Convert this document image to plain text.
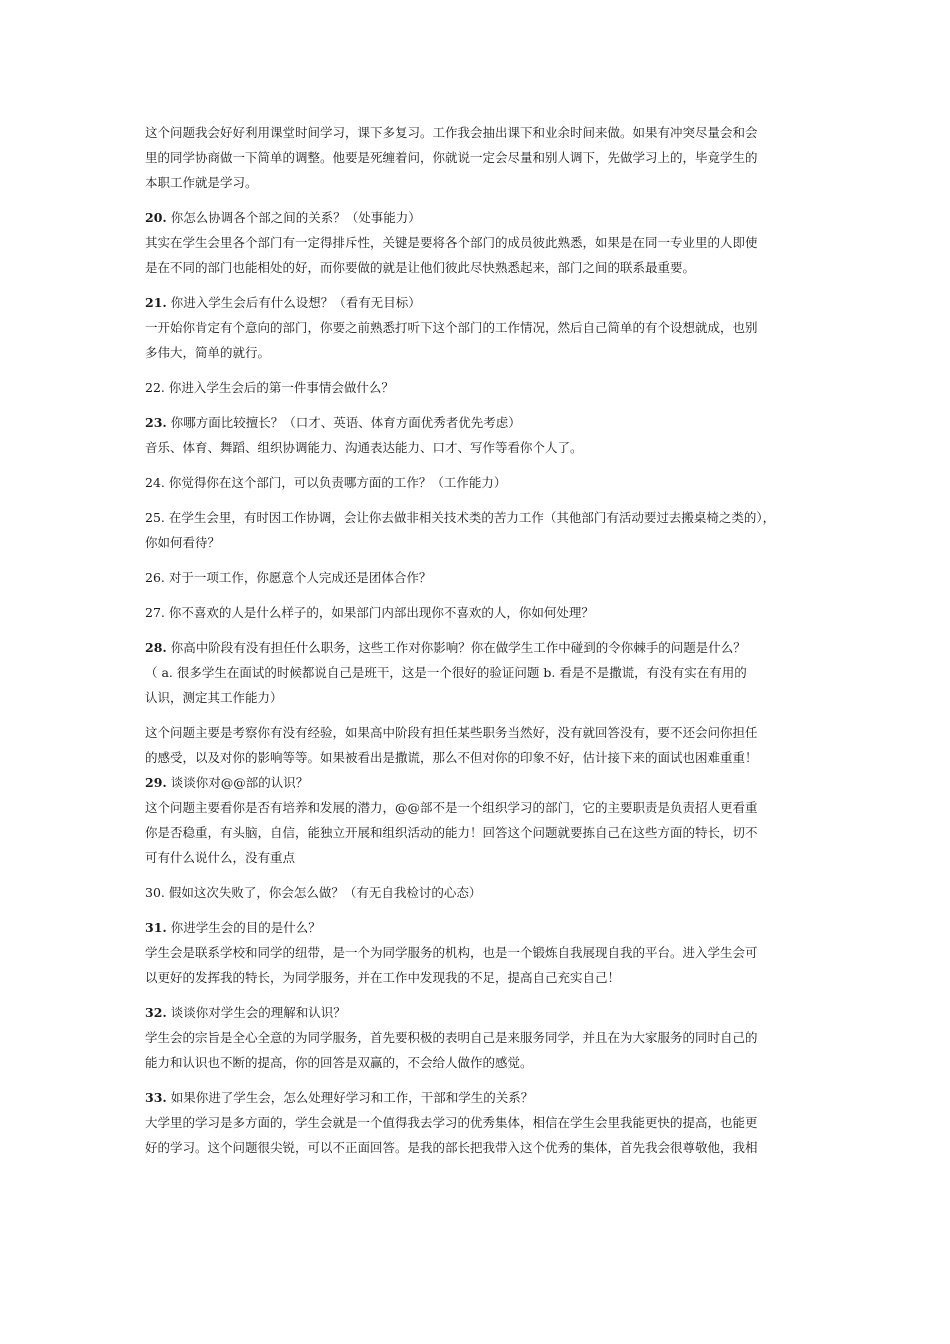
这个问题我会好好利用课堂时间学习，课下多复习。工作我会抽出课下和业余时间来做。如果有冲突尽量会和会
里的同学协商做一下简单的调整。他要是死缠着问，你就说一定会尽量和别人调下，先做学习上的，毕竟学生的
本职工作就是学习。
20. 你怎么协调各个部之间的关系？（处事能力）
其实在学生会里各个部门有一定得排斥性，关键是要将各个部门的成员彼此熟悉，如果是在同一专业里的人即使
是在不同的部门也能相处的好，而你要做的就是让他们彼此尽快熟悉起来，部门之间的联系最重要。
21. 你进入学生会后有什么设想？（看有无目标）
一开始你肯定有个意向的部门，你要之前熟悉打听下这个部门的工作情况，然后自己简单的有个设想就成，也别
多伟大，简单的就行。
22. 你进入学生会后的第一件事情会做什么？
23. 你哪方面比较擅长？（口才、英语、体育方面优秀者优先考虑）
音乐、体育、舞蹈、组织协调能力、沟通表达能力、口才、写作等看你个人了。
24. 你觉得你在这个部门，可以负责哪方面的工作？（工作能力）
25. 在学生会里，有时因工作协调，会让你去做非相关技术类的苦力工作（其他部门有活动要过去搬桌椅之类的），
你如何看待？
26. 对于一项工作，你愿意个人完成还是团体合作？
27. 你不喜欢的人是什么样子的，如果部门内部出现你不喜欢的人，你如何处理？
28. 你高中阶段有没有担任什么职务，这些工作对你影响？你在做学生工作中碰到的令你棘手的问题是什么？
（ a. 很多学生在面试的时候都说自己是班干，这是一个很好的验证问题 b. 看是不是撒谎，有没有实在有用的
认识，测定其工作能力）
这个问题主要是考察你有没有经验，如果高中阶段有担任某些职务当然好，没有就回答没有，要不还会问你担任
的感受，以及对你的影响等等。如果被看出是撒谎，那么不但对你的印象不好，估计接下来的面试也困难重重！
29. 谈谈你对@@部的认识？
这个问题主要看你是否有培养和发展的潜力，@@部不是一个组织学习的部门，它的主要职责是负责招人更看重
你是否稳重，有头脑，自信，能独立开展和组织活动的能力！回答这个问题就要拣自己在这些方面的特长，切不
可有什么说什么，没有重点
30. 假如这次失败了，你会怎么做？（有无自我检讨的心态）
31. 你进学生会的目的是什么？
学生会是联系学校和同学的纽带，是一个为同学服务的机构，也是一个锻炼自我展现自我的平台。进入学生会可
以更好的发挥我的特长，为同学服务，并在工作中发现我的不足，提高自己充实自己！
32. 谈谈你对学生会的理解和认识？
学生会的宗旨是全心全意的为同学服务，首先要积极的表明自己是来服务同学，并且在为大家服务的同时自己的
能力和认识也不断的提高，你的回答是双赢的，不会给人做作的感觉。
33. 如果你进了学生会，怎么处理好学习和工作，干部和学生的关系？
大学里的学习是多方面的，学生会就是一个值得我去学习的优秀集体，相信在学生会里我能更快的提高，也能更
好的学习。这个问题很尖锐，可以不正面回答。是我的部长把我带入这个优秀的集体，首先我会很尊敬他，我相
